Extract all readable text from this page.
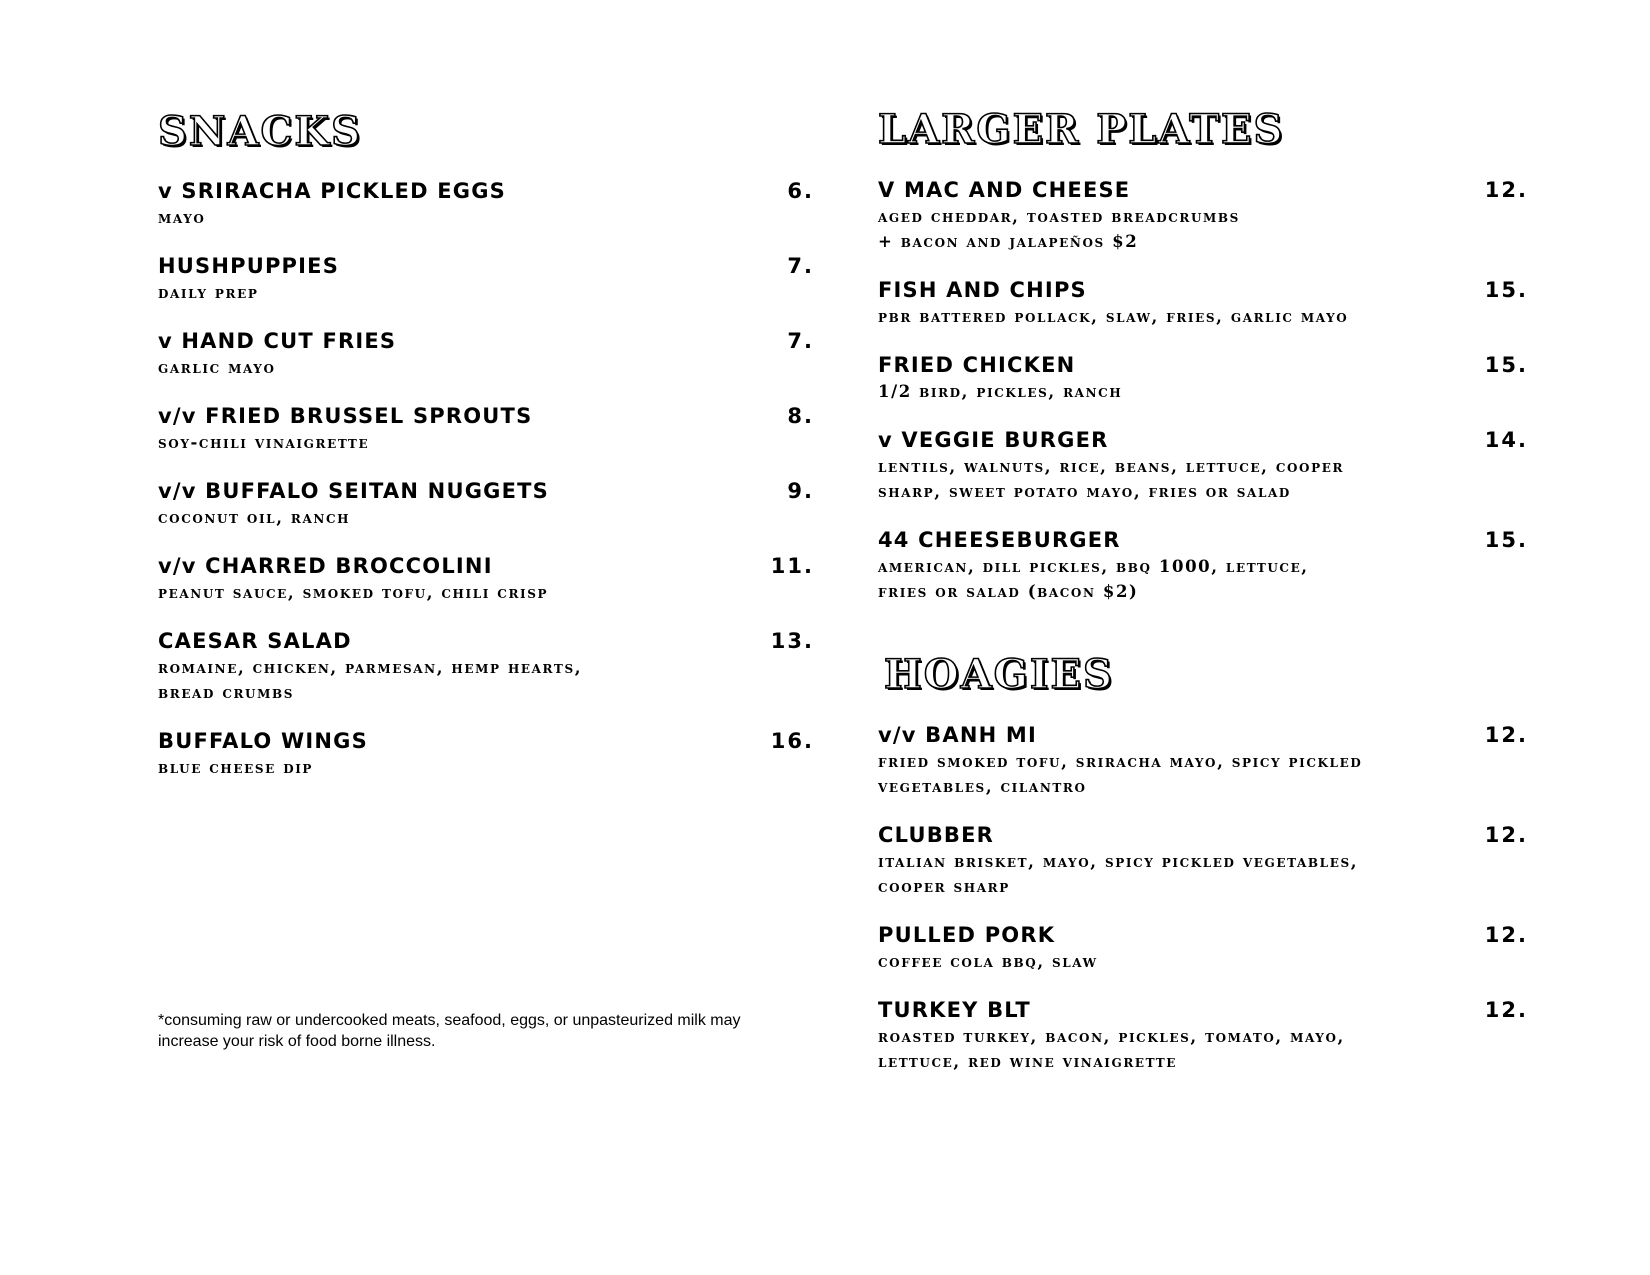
SNACKS
v SRIRACHA PICKLED EGGS	6.
mayo
HUSHPUPPIES	7.
daily prep
v HAND CUT FRIES	7.
garlic mayo
v/v FRIED BRUSSEL SPROUTS	8.
soy-chili vinaigrette
v/v BUFFALO SEITAN NUGGETS	9.
coconut oil, ranch
v/v CHARRED BROCCOLINI	11.
peanut sauce, smoked tofu, chili crisp
CAESAR SALAD	13.
romaine, chicken, parmesan, hemp hearts,
bread crumbs
BUFFALO WINGS	16.
blue cheese dip
*consuming raw or undercooked meats, seafood, eggs, or unpasteurized milk may
increase your risk of food borne illness.
LARGER PLATES
V MAC AND CHEESE	12.
aged cheddar, toasted breadcrumbs
+ bacon and jalapeños $2
FISH AND CHIPS	15.
pbr battered pollack, slaw, fries, garlic mayo
FRIED CHICKEN	15.
1/2 bird, pickles, ranch
v VEGGIE BURGER	14.
lentils, walnuts, rice, beans, lettuce, cooper
sharp, sweet potato mayo, fries or salad
44 CHEESEBURGER	15.
american, dill pickles, bbq 1000, lettuce,
fries or salad (bacon $2)
HOAGIES
v/v BANH MI	12.
fried smoked tofu, sriracha mayo, spicy pickled
vegetables, cilantro
CLUBBER	12.
italian brisket, mayo, spicy pickled vegetables,
cooper sharp
PULLED PORK	12.
coffee cola bbq, slaw
TURKEY BLT	12.
roasted turkey, bacon, pickles, tomato, mayo,
lettuce, red wine vinaigrette
